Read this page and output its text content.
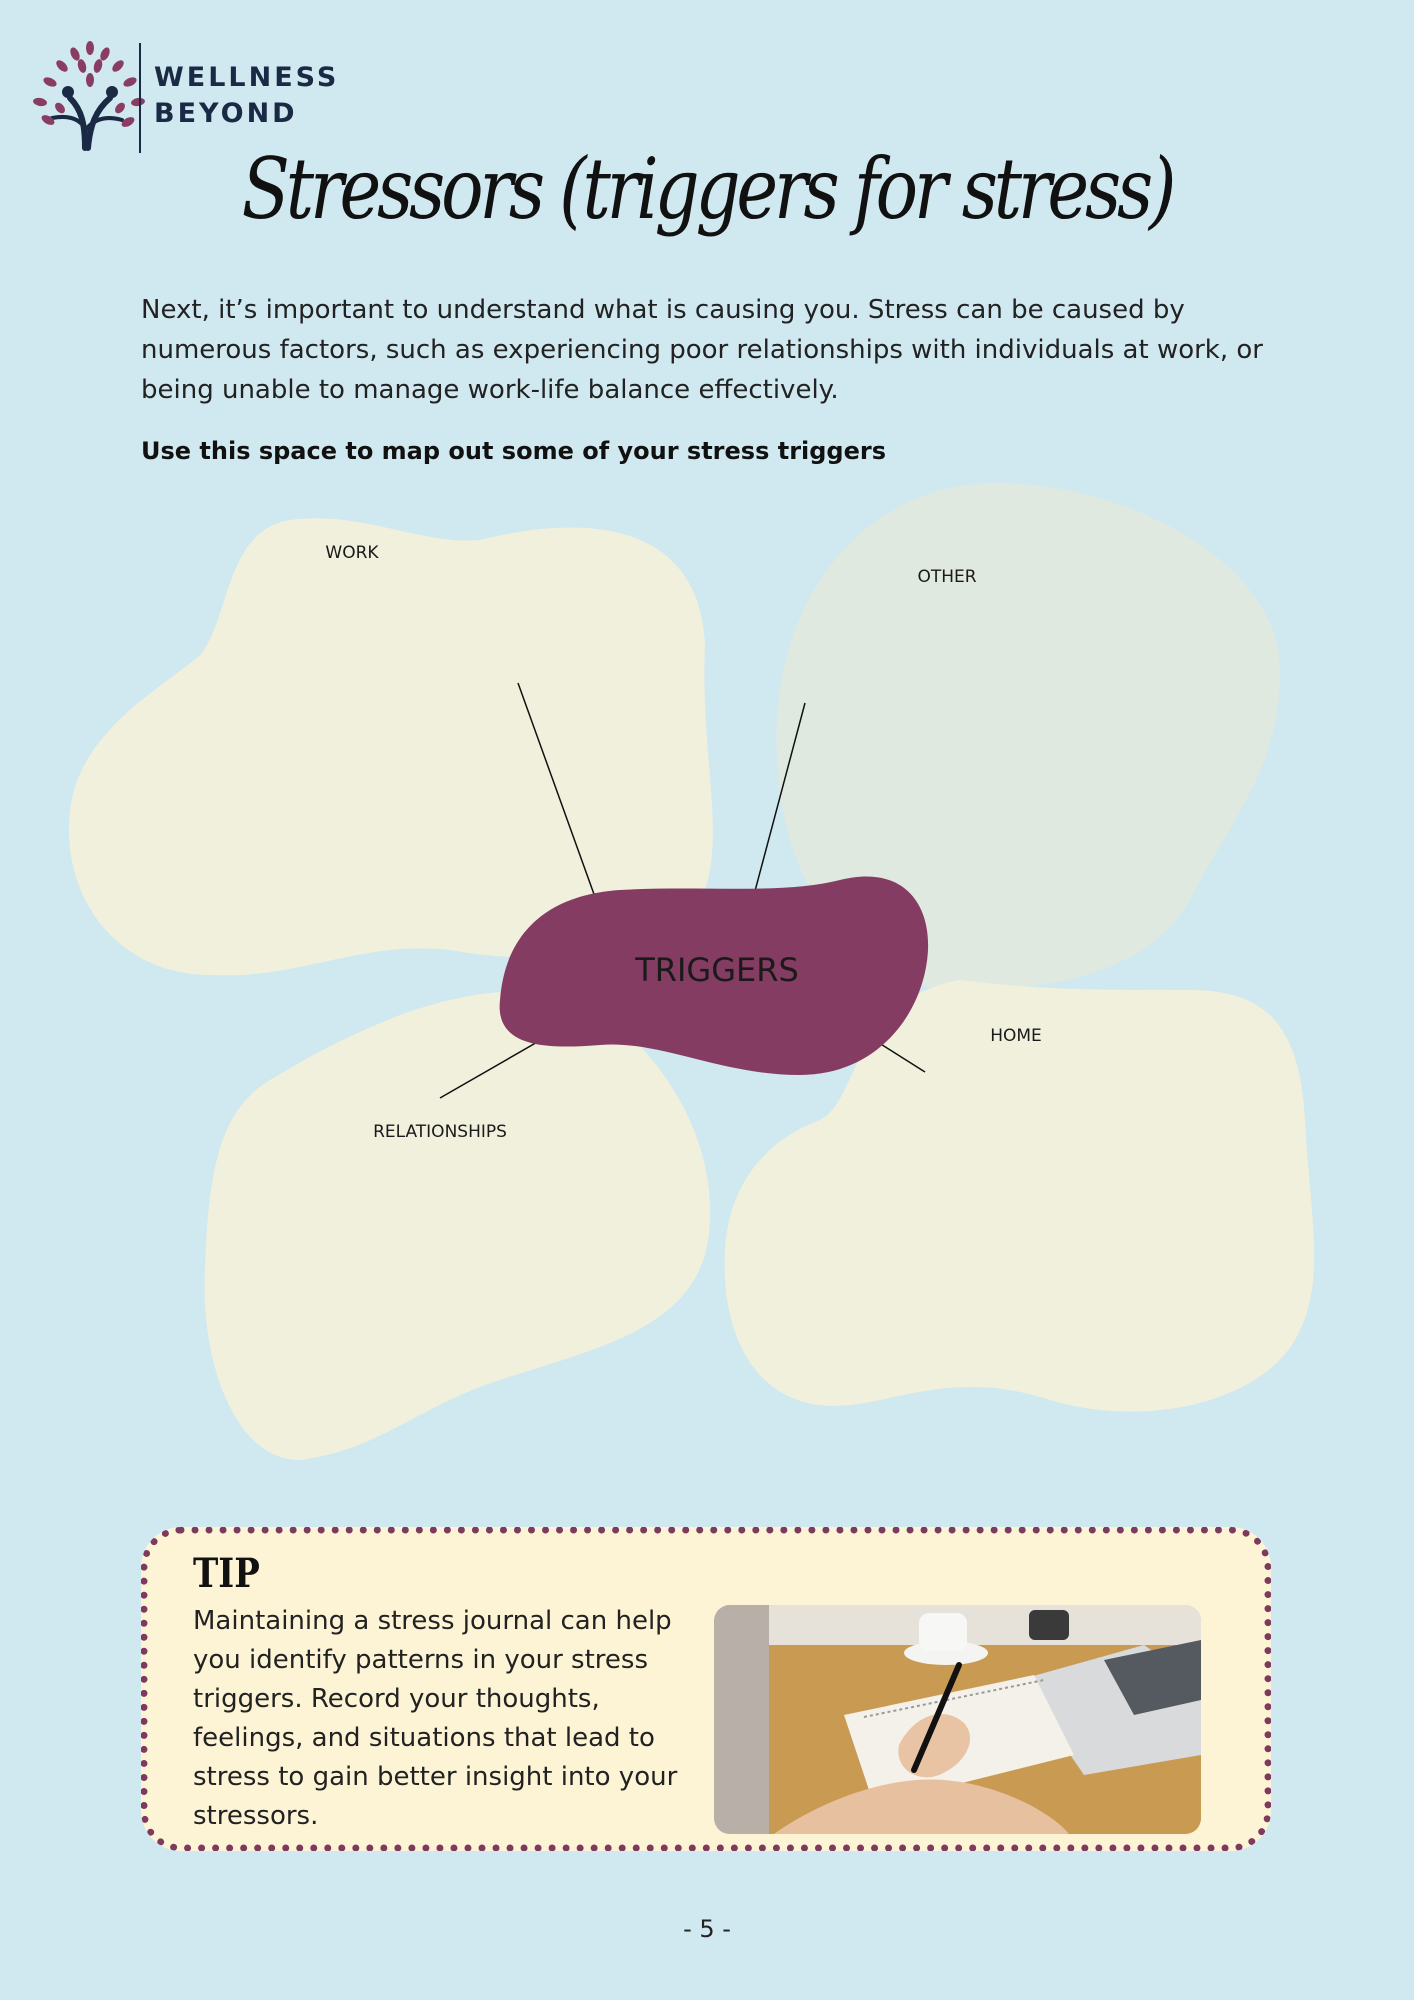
WELLNESS
BEYOND
Stressors (triggers for stress)
Next, it’s important to understand what is causing you. Stress can be caused by numerous factors, such as experiencing poor relationships with individuals at work, or being unable to manage work-life balance effectively.
Use this space to map out some of your stress triggers
WORK
OTHER
RELATIONSHIPS
HOME
TRIGGERS
TIP
Maintaining a stress journal can help you identify patterns in your stress triggers. Record your thoughts, feelings, and situations that lead to stress to gain better insight into your stressors.
- 5 -
